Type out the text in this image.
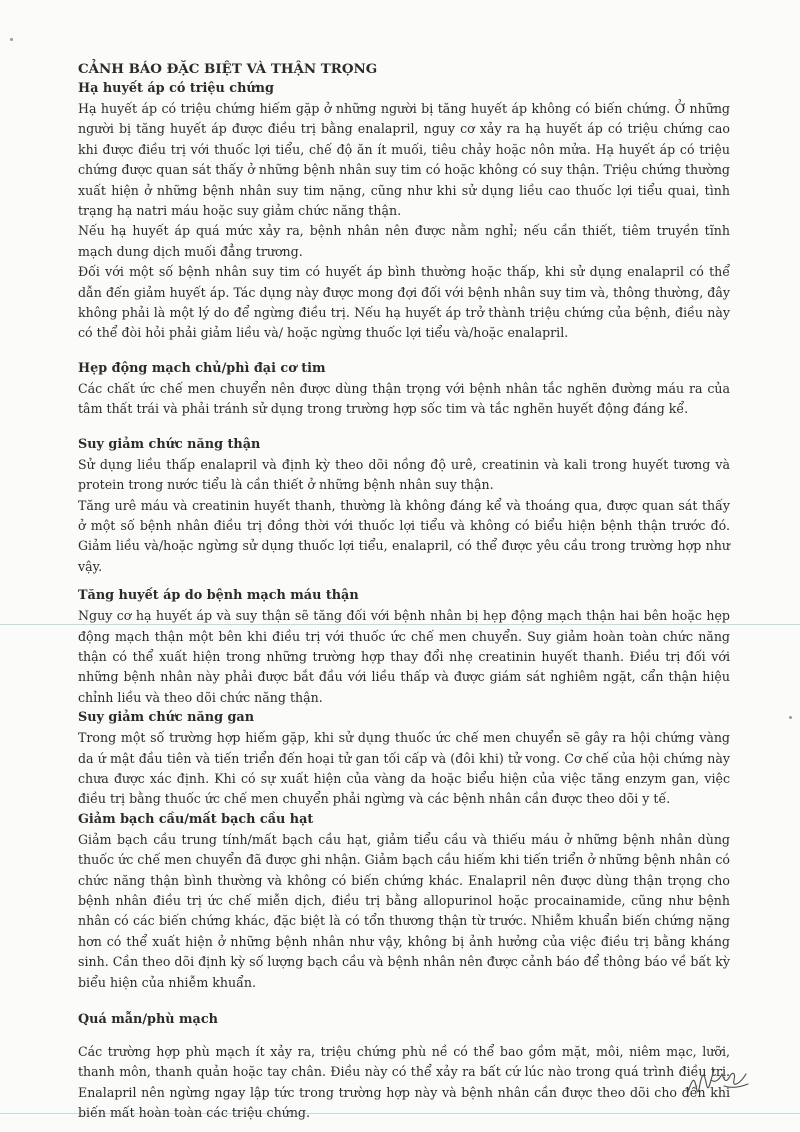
CẢNH BÁO ĐẶC BIỆT VÀ THẬN TRỌNG
Hạ huyết áp có triệu chứng

Hạ huyết áp có triệu chứng hiếm gặp ở những người bị tăng huyết áp không có biến chứng. Ở những người bị tăng huyết áp được điều trị bằng enalapril, nguy cơ xảy ra hạ huyết áp có triệu chứng cao khi được điều trị với thuốc lợi tiểu, chế độ ăn ít muối, tiêu chảy hoặc nôn mửa. Hạ huyết áp có triệu chứng được quan sát thấy ở những bệnh nhân suy tim có hoặc không có suy thận. Triệu chứng thường xuất hiện ở những bệnh nhân suy tim nặng, cũng như khi sử dụng liều cao thuốc lợi tiểu quai, tình trạng hạ natri máu hoặc suy giảm chức năng thận.

Nếu hạ huyết áp quá mức xảy ra, bệnh nhân nên được nằm nghỉ; nếu cần thiết, tiêm truyền tĩnh mạch dung dịch muối đẳng trương.

Đối với một số bệnh nhân suy tim có huyết áp bình thường hoặc thấp, khi sử dụng enalapril có thể dẫn đến giảm huyết áp. Tác dụng này được mong đợi đối với bệnh nhân suy tim và, thông thường, đây không phải là một lý do để ngừng điều trị. Nếu hạ huyết áp trở thành triệu chứng của bệnh, điều này có thể đòi hỏi phải giảm liều và/ hoặc ngừng thuốc lợi tiểu và/hoặc enalapril.

Hẹp động mạch chủ/phì đại cơ tim

Các chất ức chế men chuyển nên được dùng thận trọng với bệnh nhân tắc nghẽn đường máu ra của tâm thất trái và phải tránh sử dụng trong trường hợp sốc tim và tắc nghẽn huyết động đáng kể.

Suy giảm chức năng thận

Sử dụng liều thấp enalapril và định kỳ theo dõi nồng độ urê, creatinin và kali trong huyết tương và protein trong nước tiểu là cần thiết ở những bệnh nhân suy thận.

Tăng urê máu và creatinin huyết thanh, thường là không đáng kể và thoáng qua, được quan sát thấy ở một số bệnh nhân điều trị đồng thời với thuốc lợi tiểu và không có biểu hiện bệnh thận trước đó. Giảm liều và/hoặc ngừng sử dụng thuốc lợi tiểu, enalapril, có thể được yêu cầu trong trường hợp như vậy.

Tăng huyết áp do bệnh mạch máu thận

Nguy cơ hạ huyết áp và suy thận sẽ tăng đối với bệnh nhân bị hẹp động mạch thận hai bên hoặc hẹp động mạch thận một bên khi điều trị với thuốc ức chế men chuyển. Suy giảm hoàn toàn chức năng thận có thể xuất hiện trong những trường hợp thay đổi nhẹ creatinin huyết thanh. Điều trị đối với những bệnh nhân này phải được bắt đầu với liều thấp và được giám sát nghiêm ngặt, cẩn thận hiệu chỉnh liều và theo dõi chức năng thận.

Suy giảm chức năng gan

Trong một số trường hợp hiếm gặp, khi sử dụng thuốc ức chế men chuyển sẽ gây ra hội chứng vàng da ứ mật đầu tiên và tiến triển đến hoại tử gan tối cấp và (đôi khi) tử vong. Cơ chế của hội chứng này chưa được xác định. Khi có sự xuất hiện của vàng da hoặc biểu hiện của việc tăng enzym gan, việc điều trị bằng thuốc ức chế men chuyển phải ngừng và các bệnh nhân cần được theo dõi y tế.

Giảm bạch cầu/mất bạch cầu hạt

Giảm bạch cầu trung tính/mất bạch cầu hạt, giảm tiểu cầu và thiếu máu ở những bệnh nhân dùng thuốc ức chế men chuyển đã được ghi nhận. Giảm bạch cầu hiếm khi tiến triển ở những bệnh nhân có chức năng thận bình thường và không có biến chứng khác. Enalapril nên được dùng thận trọng cho bệnh nhân điều trị ức chế miễn dịch, điều trị bằng allopurinol hoặc procainamide, cũng như bệnh nhân có các biến chứng khác, đặc biệt là có tổn thương thận từ trước. Nhiễm khuẩn biến chứng nặng hơn có thể xuất hiện ở những bệnh nhân như vậy, không bị ảnh hưởng của việc điều trị bằng kháng sinh. Cần theo dõi định kỳ số lượng bạch cầu và bệnh nhân nên được cảnh báo để thông báo về bất kỳ biểu hiện của nhiễm khuẩn.

Quá mẫn/phù mạch

Các trường hợp phù mạch ít xảy ra, triệu chứng phù nề có thể bao gồm mặt, môi, niêm mạc, lưỡi, thanh môn, thanh quản hoặc tay chân. Điều này có thể xảy ra bất cứ lúc nào trong quá trình điều trị. Enalapril nên ngừng ngay lập tức trong trường hợp này và bệnh nhân cần được theo dõi cho đến khi biến mất hoàn toàn các triệu chứng.
